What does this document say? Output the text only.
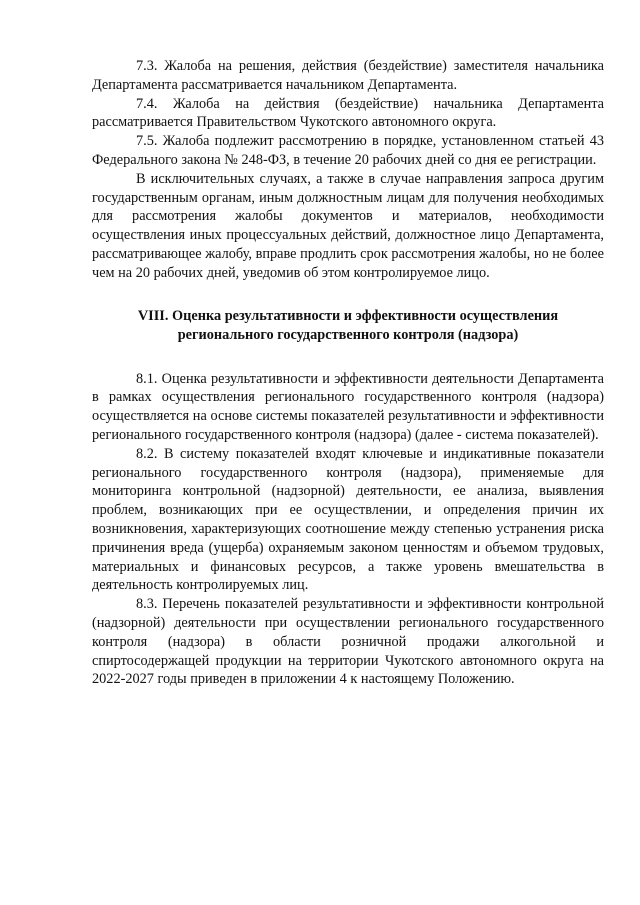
7.3. Жалоба на решения, действия (бездействие) заместителя начальника Департамента рассматривается начальником Департамента.

7.4. Жалоба на действия (бездействие) начальника Департамента рассматривается Правительством Чукотского автономного округа.

7.5. Жалоба подлежит рассмотрению в порядке, установленном статьей 43 Федерального закона № 248-ФЗ, в течение 20 рабочих дней со дня ее регистрации.

В исключительных случаях, а также в случае направления запроса другим государственным органам, иным должностным лицам для получения необходимых для рассмотрения жалобы документов и материалов, необходимости осуществления иных процессуальных действий, должностное лицо Департамента, рассматривающее жалобу, вправе продлить срок рассмотрения жалобы, но не более чем на 20 рабочих дней, уведомив об этом контролируемое лицо.

VIII. Оценка результативности и эффективности осуществления
регионального государственного контроля (надзора)

8.1. Оценка результативности и эффективности деятельности Департамента в рамках осуществления регионального государственного контроля (надзора) осуществляется на основе системы показателей результативности и эффективности регионального государственного контроля (надзора) (далее - система показателей).

8.2. В систему показателей входят ключевые и индикативные показатели регионального государственного контроля (надзора), применяемые для мониторинга контрольной (надзорной) деятельности, ее анализа, выявления проблем, возникающих при ее осуществлении, и определения причин их возникновения, характеризующих соотношение между степенью устранения риска причинения вреда (ущерба) охраняемым законом ценностям и объемом трудовых, материальных и финансовых ресурсов, а также уровень вмешательства в деятельность контролируемых лиц.

8.3. Перечень показателей результативности и эффективности контрольной (надзорной) деятельности при осуществлении регионального государственного контроля (надзора) в области розничной продажи алкогольной и спиртосодержащей продукции на территории Чукотского автономного округа на 2022-2027 годы приведен в приложении 4 к настоящему Положению.
